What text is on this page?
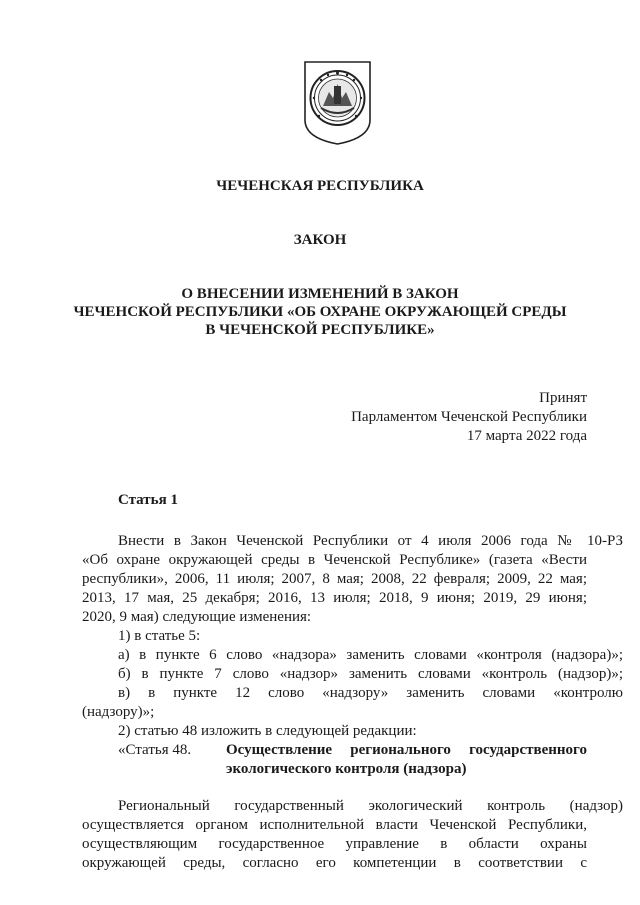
ЧЕЧЕНСКАЯ РЕСПУБЛИКА
ЗАКОН
О ВНЕСЕНИИ ИЗМЕНЕНИЙ В ЗАКОН
ЧЕЧЕНСКОЙ РЕСПУБЛИКИ «ОБ ОХРАНЕ ОКРУЖАЮЩЕЙ СРЕДЫ
В ЧЕЧЕНСКОЙ РЕСПУБЛИКЕ»
Принят
Парламентом Чеченской Республики
17 марта 2022 года
Статья 1
Внести в Закон Чеченской Республики от 4 июля 2006 года № 10-РЗ
«Об охране окружающей среды в Чеченской Республике» (газета «Вести
республики», 2006, 11 июля; 2007, 8 мая; 2008, 22 февраля; 2009, 22 мая;
2013, 17 мая, 25 декабря; 2016, 13 июля; 2018, 9 июня; 2019, 29 июня;
2020, 9 мая) следующие изменения:
1) в статье 5:
а) в пункте 6 слово «надзора» заменить словами «контроля (надзора)»;
б) в пункте 7 слово «надзор» заменить словами «контроль (надзор)»;
в) в пункте 12 слово «надзору» заменить словами «контролю
(надзору)»;
2) статью 48 изложить в следующей редакции:
«Статья 48.	Осуществление регионального государственного
экологического контроля (надзора)
Региональный государственный экологический контроль (надзор)
осуществляется органом исполнительной власти Чеченской Республики,
осуществляющим государственное управление в области охраны
окружающей среды, согласно его компетенции в соответствии с
